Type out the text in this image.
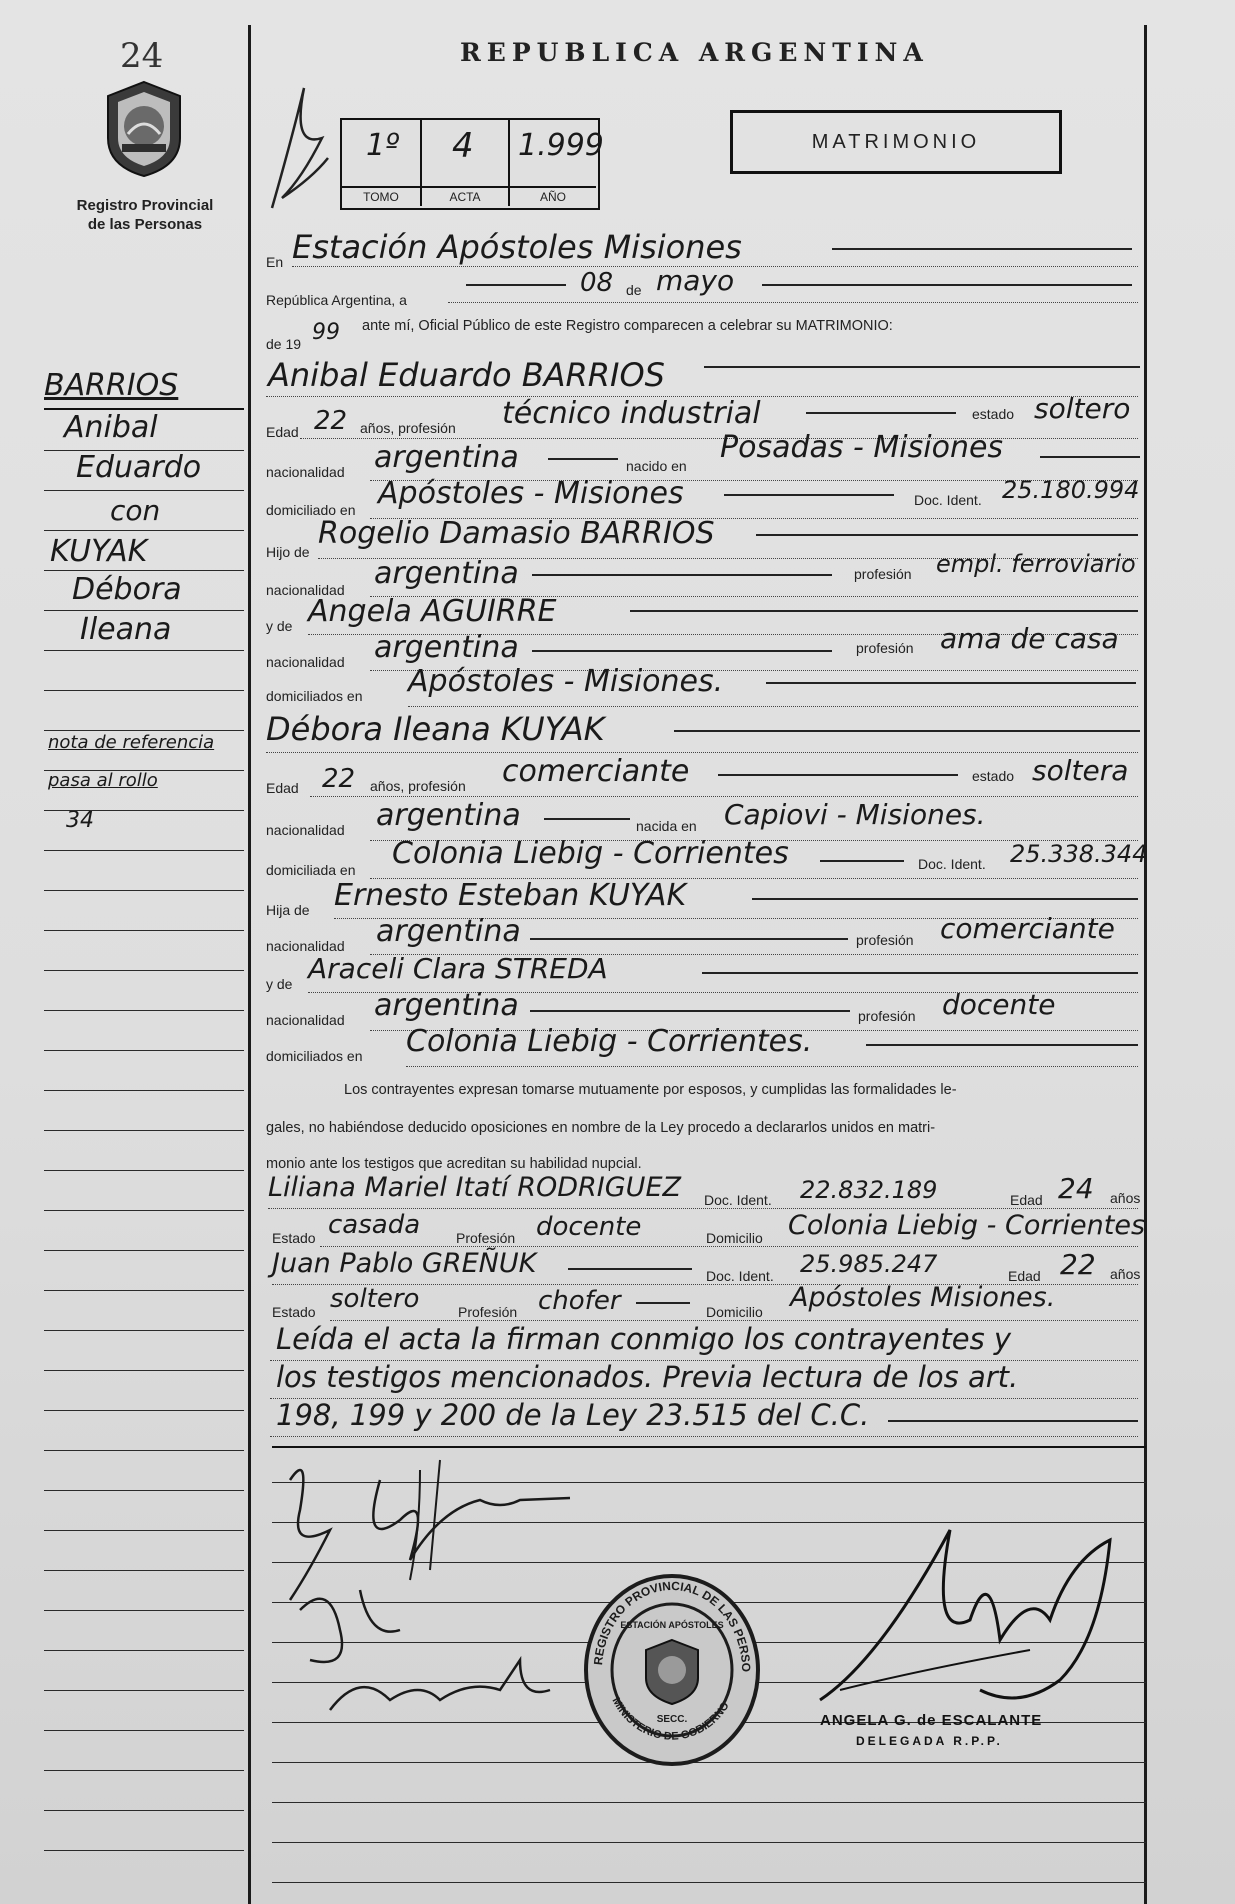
24
Registro Provincial
de las Personas
REPUBLICA ARGENTINA
1º
TOMO
4
ACTA
1.999
AÑO
MATRIMONIO
BARRIOS
Anibal
Eduardo
con
KUYAK
Débora
Ileana
nota de referencia
pasa al rollo
34
En Estación Apóstoles Misiones
República Argentina, a
08 de mayo
de 19 99 ante mí, Oficial Público de este Registro comparecen a celebrar su MATRIMONIO:
Anibal Eduardo BARRIOS
Edad 22 años, profesión técnico industrial	estado soltero
nacionalidad argentina	nacido en
Posadas - Misiones
domiciliado en Apóstoles - Misiones	Doc. Ident. 25.180.994
Hijo de
Rogelio Damasio BARRIOS
nacionalidad argentina	profesión empl. ferroviario
y de Angela AGUIRRE
nacionalidad argentina	profesión ama de casa
domiciliados en Apóstoles - Misiones.
Débora Ileana KUYAK
Edad 22 años, profesión comerciante	estado soltera
nacionalidad argentina	nacida en Capiovi - Misiones.
domiciliada en Colonia Liebig - Corrientes	Doc. Ident. 25.338.344
Hija de Ernesto Esteban KUYAK
nacionalidad argentina	profesión comerciante
y de Araceli Clara STREDA
nacionalidad argentina	profesión docente
domiciliados en Colonia Liebig - Corrientes.
Los contrayentes expresan tomarse mutuamente por esposos, y cumplidas las formalidades le-
gales, no habiéndose deducido oposiciones en nombre de la Ley procedo a declararlos unidos en matri-
monio ante los testigos que acreditan su habilidad nupcial.
Liliana Mariel Itatí RODRIGUEZ Doc. Ident. 22.832.189	Edad 24 años
Estado casada	Profesión docente	Domicilio Colonia Liebig - Corrientes
Juan Pablo GREÑUK	Doc. Ident. 25.985.247	Edad 22 años
Estado soltero	Profesión chofer	Domicilio Apóstoles Misiones.
Leída el acta la firman conmigo los contrayentes y
los testigos mencionados. Previa lectura de los art.
198, 199 y 200 de la Ley 23.515 del C.C.
REGISTRO PROVINCIAL DE LAS PERSO
MINISTERIO DE GOBIERNO
ESTACIÓN APÓSTOLES
SECC.	ANGELA G. de ESCALANTE
DELEGADA R.P.P.
